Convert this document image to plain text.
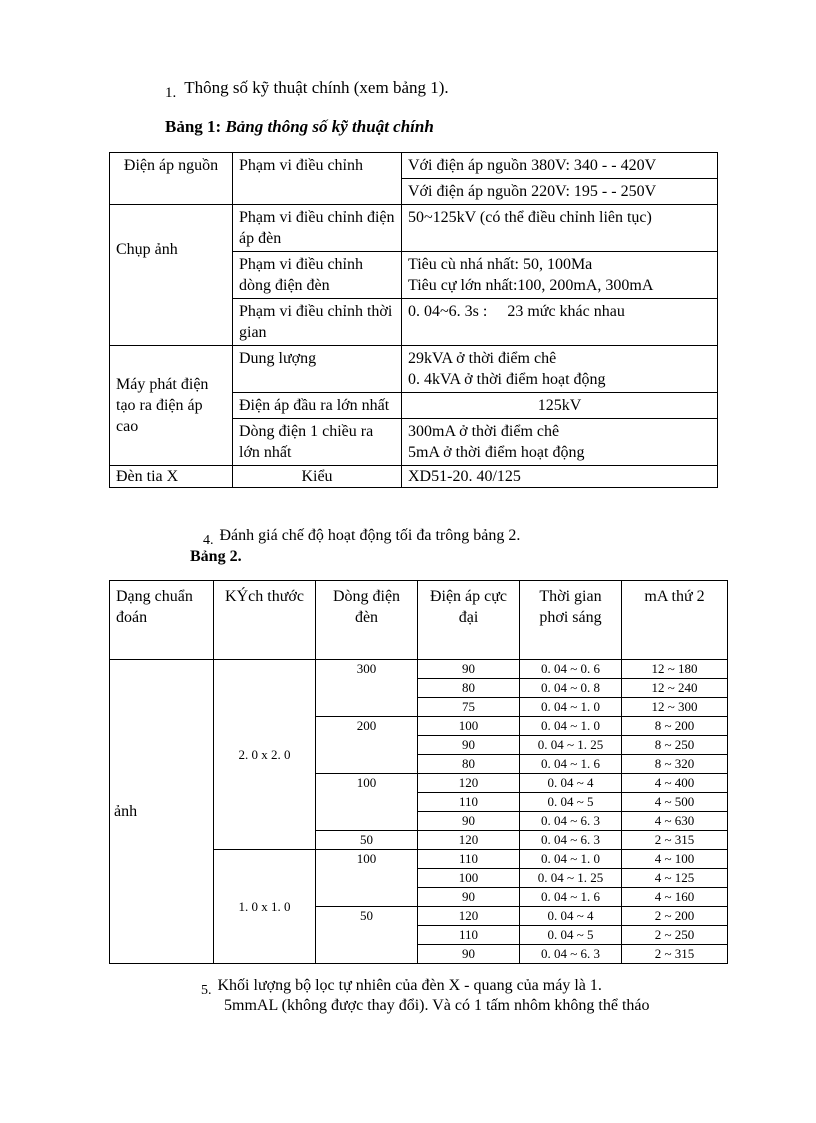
1. Thông số kỹ thuật chính (xem bảng 1).
Bảng 1: Bảng thông số kỹ thuật chính
Điện áp nguồn	Phạm vi điều chỉnh	Với điện áp nguồn 380V: 340 - - 420V
		Với điện áp nguồn 220V: 195 - - 250V
Chụp ảnh	Phạm vi điều chỉnh điện áp đèn	50~125kV (có thể điều chỉnh liên tục)
	Phạm vi điều chỉnh dòng điện đèn	Tiêu cù nhá nhất: 50, 100Ma
Tiêu cự lớn nhất:100, 200mA, 300mA

	Phạm vi điều chỉnh thời gian	0. 04~6. 3s :     23 mức khác nhau
Máy phát điện tạo ra điện áp cao	Dung lượng	29kVA ở thời điểm chê
0. 4kVA ở thời điểm hoạt động

	Điện áp đầu ra lớn nhất	125kV
	Dòng điện 1 chiều ra lớn nhất	300mA ở thời điểm chê
5mA ở thời điểm hoạt động

Đèn tia X	Kiểu	XD51-20. 40/125
4. Đánh giá chế độ hoạt động tối đa trông bảng 2.
Bảng 2.
Dạng chuẩn đoán	KÝch thước	Dòng điện đèn	Điện áp cực đại	Thời gian phơi sáng	mA thứ 2
ảnh	2. 0 x 2. 0	300	90	0. 04 ~ 0. 6	12 ~ 180
			80	0. 04 ~ 0. 8	12 ~ 240
			75	0. 04 ~ 1. 0	12 ~ 300
		200	100	0. 04 ~ 1. 0	8 ~ 200
			90	0. 04 ~ 1. 25	8 ~ 250
			80	0. 04 ~ 1. 6	8 ~ 320
		100	120	0. 04 ~ 4	4 ~ 400
			110	0. 04 ~ 5	4 ~ 500
			90	0. 04 ~ 6. 3	4 ~ 630
		50	120	0. 04 ~ 6. 3	2 ~ 315
	1. 0 x 1. 0	100	110	0. 04 ~ 1. 0	4 ~ 100
			100	0. 04 ~ 1. 25	4 ~ 125
			90	0. 04 ~ 1. 6	4 ~ 160
		50	120	0. 04 ~ 4	2 ~ 200
			110	0. 04 ~ 5	2 ~ 250
			90	0. 04 ~ 6. 3	2 ~ 315
5. Khối lượng bộ lọc tự nhiên của đèn X - quang của máy là 1.
5mmAL (không được thay đổi). Và có 1 tấm nhôm không thể tháo
